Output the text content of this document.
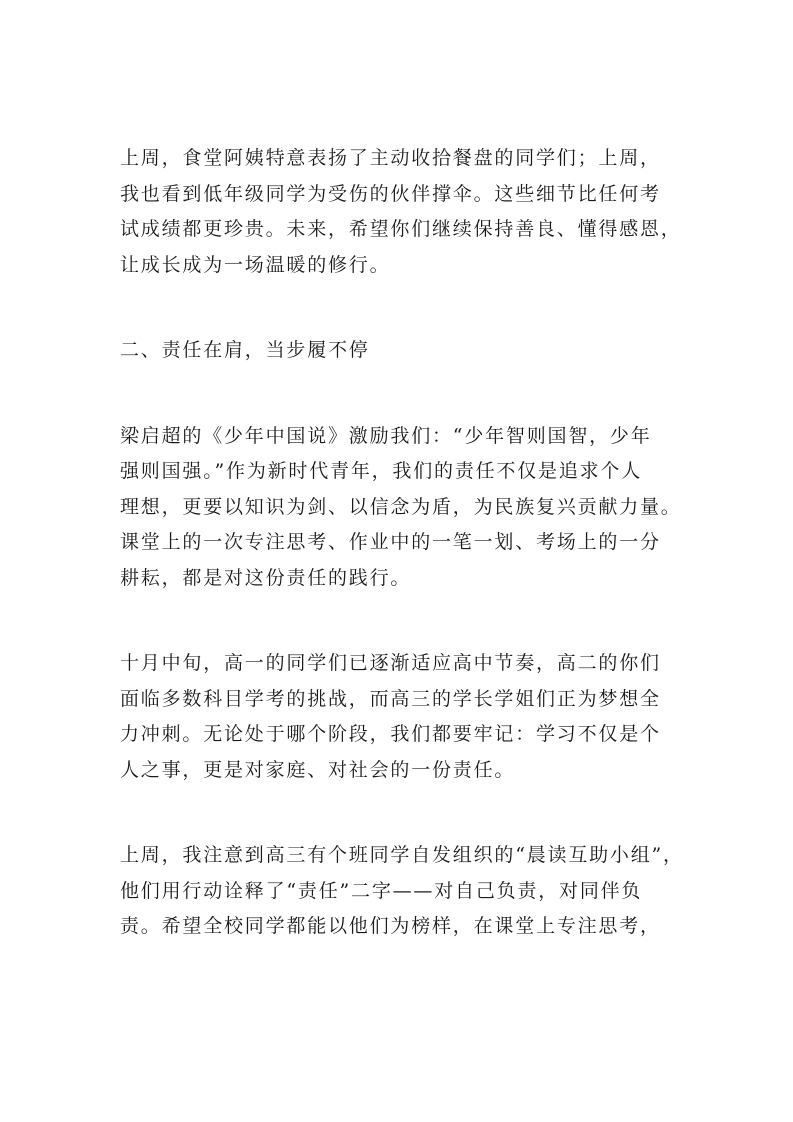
上周，食堂阿姨特意表扬了主动收拾餐盘的同学们；上周，
我也看到低年级同学为受伤的伙伴撑伞。这些细节比任何考
试成绩都更珍贵。未来，希望你们继续保持善良、懂得感恩，
让成长成为一场温暖的修行。

二、责任在肩，当步履不停

梁启超的《少年中国说》激励我们：“少年智则国智，少年
强则国强。”作为新时代青年，我们的责任不仅是追求个人
理想，更要以知识为剑、以信念为盾，为民族复兴贡献力量。
课堂上的一次专注思考、作业中的一笔一划、考场上的一分
耕耘，都是对这份责任的践行。

十月中旬，高一的同学们已逐渐适应高中节奏，高二的你们
面临多数科目学考的挑战，而高三的学长学姐们正为梦想全
力冲刺。无论处于哪个阶段，我们都要牢记：学习不仅是个
人之事，更是对家庭、对社会的一份责任。

上周，我注意到高三有个班同学自发组织的“晨读互助小组”，
他们用行动诠释了“责任”二字——对自己负责，对同伴负
责。希望全校同学都能以他们为榜样，在课堂上专注思考，
